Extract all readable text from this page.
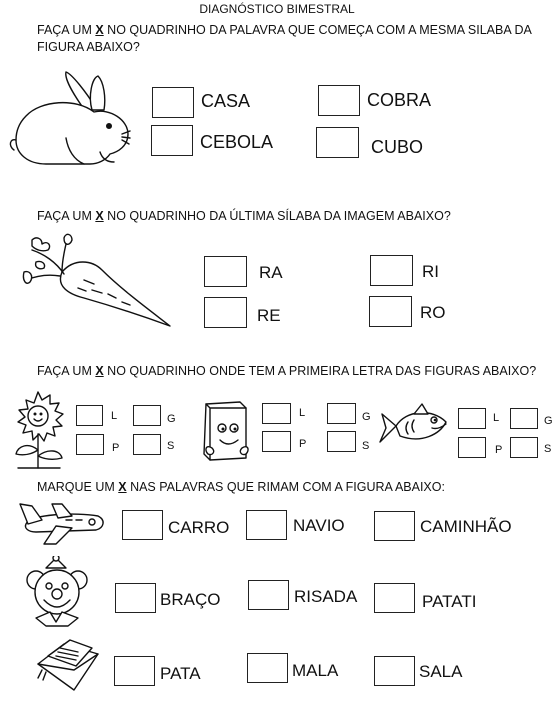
DIAGNÓSTICO BIMESTRAL
FAÇA UM X NO QUADRINHO DA PALAVRA QUE COMEÇA COM A MESMA SILABA DA
FIGURA ABAIXO?
CASA	COBRA
CEBOLA	CUBO
FAÇA UM X NO QUADRINHO DA ÚLTIMA SÍLABA DA IMAGEM ABAIXO?
RA	RI
RE	RO
FAÇA UM X NO QUADRINHO ONDE TEM A PRIMEIRA LETRA DAS FIGURAS ABAIXO?
L	G
P	S
L	G
P	S
L	G
P	S
MARQUE UM X NAS PALAVRAS QUE RIMAM COM A FIGURA ABAIXO:
CARRO	NAVIO	CAMINHÃO
BRAÇO	RISADA	PATATI
PATA	MALA	SALA
